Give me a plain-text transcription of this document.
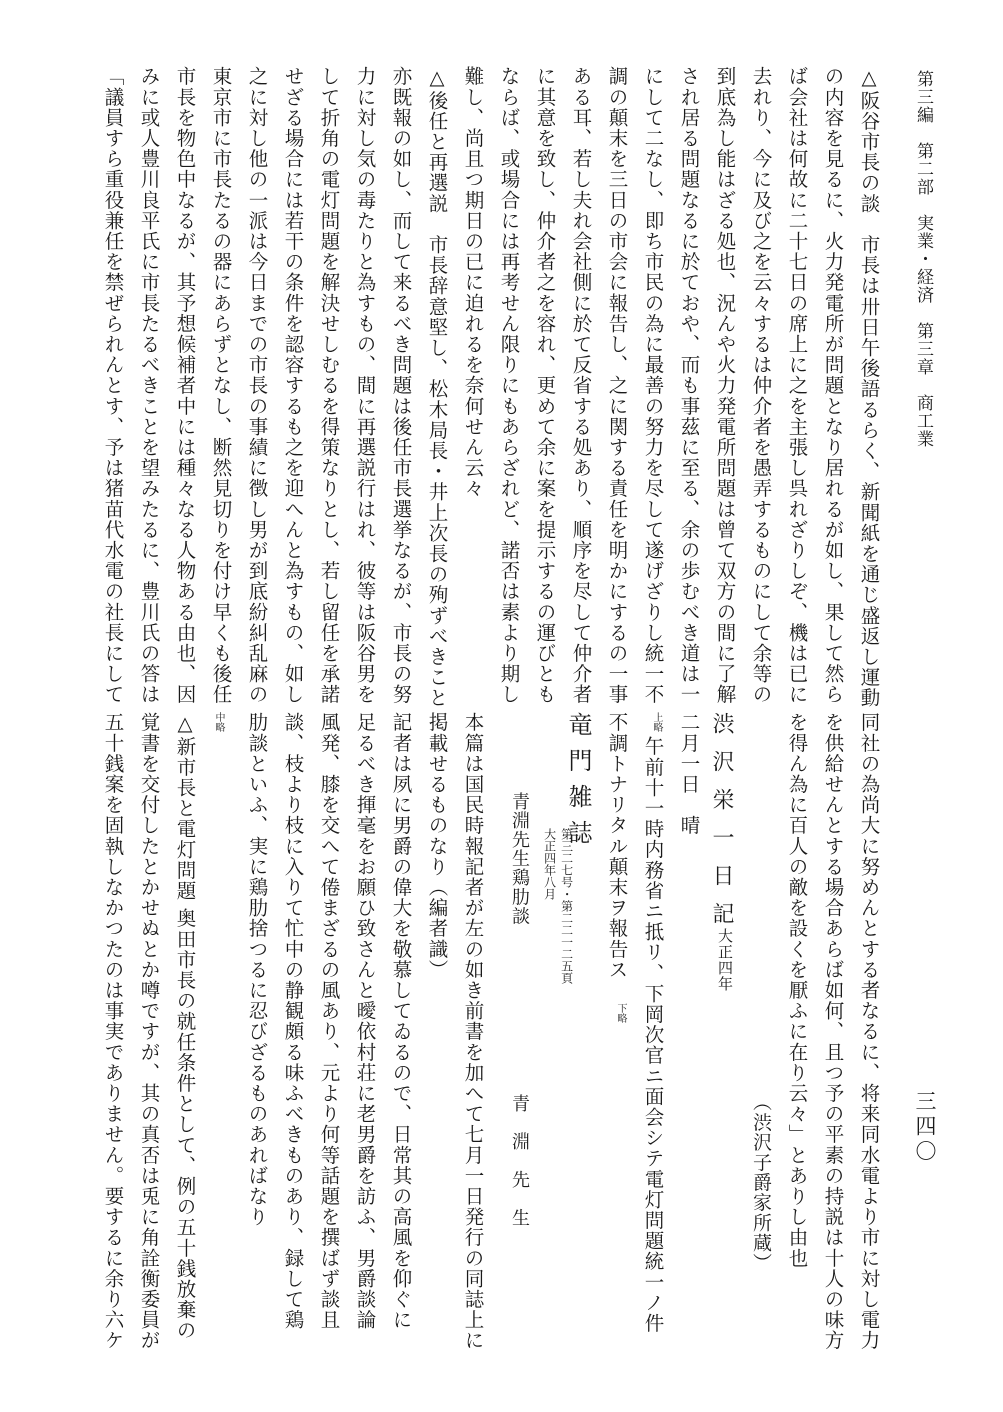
第三編　第二部　実業・経済　第三章　商工業
三四〇
△阪谷市長の談　市長は卅日午後語るらく、新聞紙を通じ盛返し運動
の内容を見るに、火力発電所が問題となり居れるが如し、果して然ら
ば会社は何故に二十七日の席上に之を主張し呉れざりしぞ、機は已に
去れり、今に及び之を云々するは仲介者を愚弄するものにして余等の
到底為し能はざる処也、況んや火力発電所問題は曾て双方の間に了解
され居る問題なるに於ておや、而も事茲に至る、余の歩むべき道は一
にして二なし、即ち市民の為に最善の努力を尽して遂げざりし統一不
調の顛末を三日の市会に報告し、之に関する責任を明かにするの一事
ある耳、若し夫れ会社側に於て反省する処あり、順序を尽して仲介者
に其意を致し、仲介者之を容れ、更めて余に案を提示するの運びとも
ならば、或場合には再考せん限りにもあらざれど、諾否は素より期し
難し、尚且つ期日の已に迫れるを奈何せん云々
△後任と再選説　市長辞意堅し、松木局長・井上次長の殉ずべきこと
亦既報の如し、而して来るべき問題は後任市長選挙なるが、市長の努
力に対し気の毒たりと為すもの、間に再選説行はれ、彼等は阪谷男を
して折角の電灯問題を解決せしむるを得策なりとし、若し留任を承諾
せざる場合には若干の条件を認容するも之を迎へんと為すもの、如し
之に対し他の一派は今日までの市長の事績に徴し男が到底紛糾乱麻の
東京市に市長たるの器にあらずとなし、断然見切りを付け早くも後任
市長を物色中なるが、其予想候補者中には種々なる人物ある由也、因
みに或人豊川良平氏に市長たるべきことを望みたるに、豊川氏の答は
「議員すら重役兼任を禁ぜられんとす、予は猪苗代水電の社長にして
同社の為尚大に努めんとする者なるに、将来同水電より市に対し電力
を供給せんとする場合あらば如何、且つ予の平素の持説は十人の味方
を得ん為に百人の敵を設くを厭ふに在り云々」とありし由也
（渋沢子爵家所蔵）
渋沢栄一日記
大正四年
二月一日　晴
上略
午前十一時内務省ニ抵リ、下岡次官ニ面会シテ電灯問題統一ノ件
不調トナリタル顛末ヲ報告ス
下略
竜門雑誌
第三二七号・第二二一二五頁
大正四年八月
青淵先生鶏肋談
青　淵　先　生
本篇は国民時報記者が左の如き前書を加へて七月一日発行の同誌上に
掲載せるものなり（編者識）
記者は夙に男爵の偉大を敬慕してゐるので、日常其の高風を仰ぐに
足るべき揮毫をお願ひ致さんと曖依村荘に老男爵を訪ふ、男爵談論
風発、膝を交へて倦まざるの風あり、元より何等話題を撰ばず談且
談、枝より枝に入りて忙中の静観頗る味ふべきものあり、録して鶏
肋談といふ、実に鶏肋捨つるに忍びざるものあればなり
中略
△新市長と電灯問題
奥田市長の就任条件として、例の五十銭放棄の
覚書を交付したとかせぬとか噂ですが、其の真否は兎に角詮衡委員が
五十銭案を固執しなかつたのは事実でありません。要するに余り六ケ
